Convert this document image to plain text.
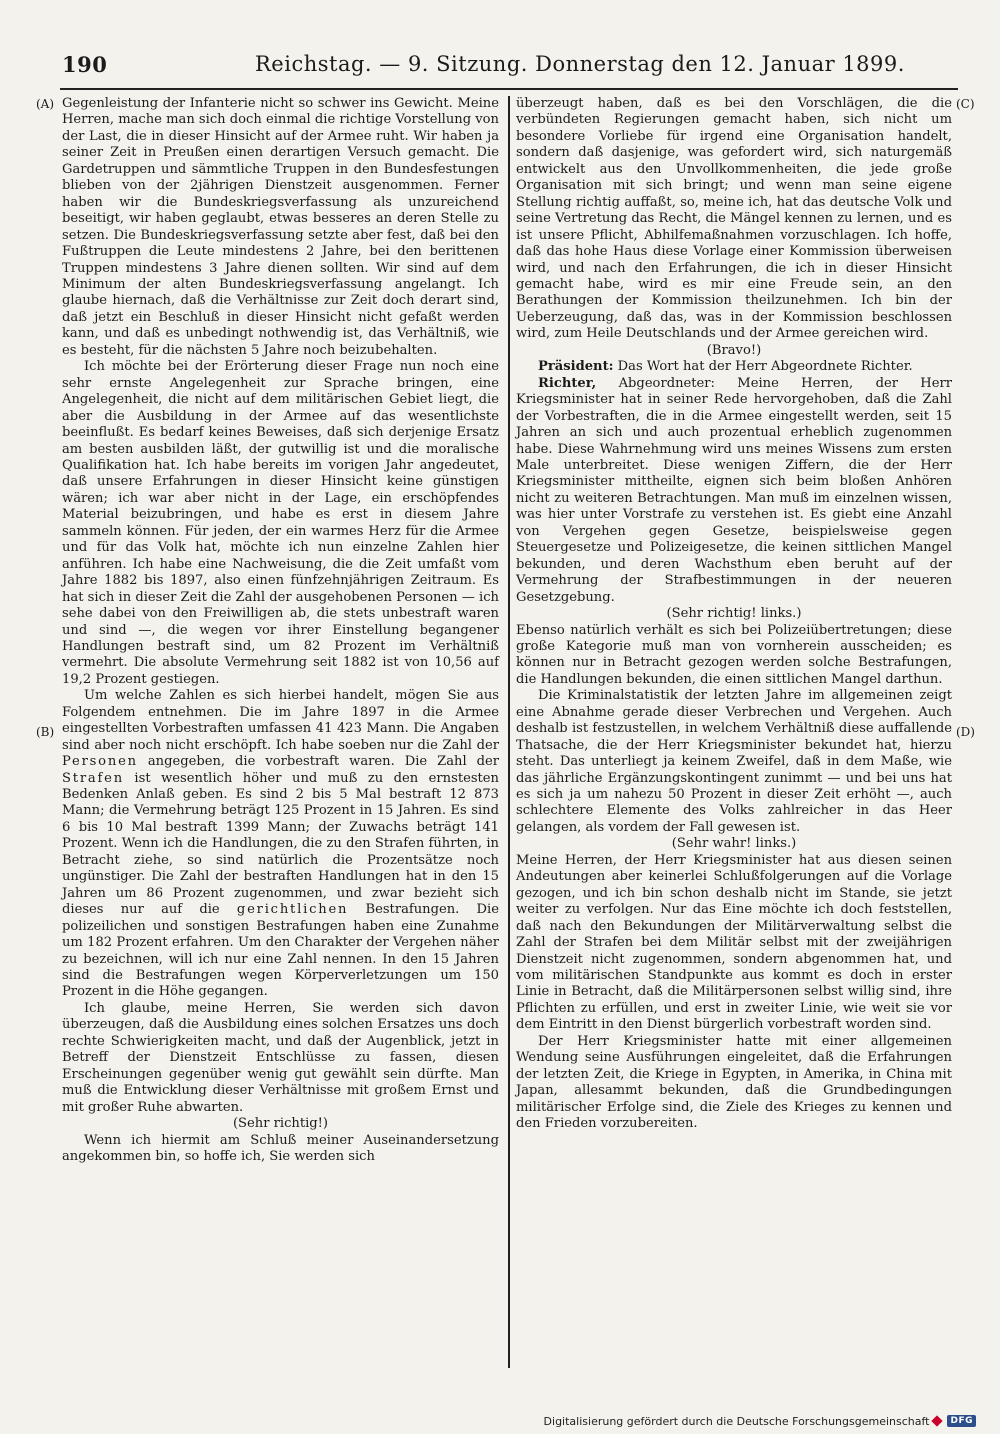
190	Reichstag. — 9. Sitzung. Donnerstag den 12. Januar 1899.
(A)
(B)
(C)
(D)

Gegenleistung der Infanterie nicht so schwer ins Gewicht. Meine Herren, mache man sich doch einmal die richtige Vorstellung von der Last, die in dieser Hinsicht auf der Armee ruht. Wir haben ja seiner Zeit in Preußen einen derartigen Versuch gemacht. Die Gardetruppen und sämmtliche Truppen in den Bundesfestungen blieben von der 2jährigen Dienstzeit ausgenommen. Ferner haben wir die Bundeskriegsverfassung als unzureichend beseitigt, wir haben geglaubt, etwas besseres an deren Stelle zu setzen. Die Bundeskriegsverfassung setzte aber fest, daß bei den Fußtruppen die Leute mindestens 2 Jahre, bei den berittenen Truppen mindestens 3 Jahre dienen sollten. Wir sind auf dem Minimum der alten Bundeskriegsverfassung angelangt. Ich glaube hiernach, daß die Verhältnisse zur Zeit doch derart sind, daß jetzt ein Beschluß in dieser Hinsicht nicht gefaßt werden kann, und daß es unbedingt nothwendig ist, das Verhältniß, wie es besteht, für die nächsten 5 Jahre noch beizubehalten.

Ich möchte bei der Erörterung dieser Frage nun noch eine sehr ernste Angelegenheit zur Sprache bringen, eine Angelegenheit, die nicht auf dem militärischen Gebiet liegt, die aber die Ausbildung in der Armee auf das wesentlichste beeinflußt. Es bedarf keines Beweises, daß sich derjenige Ersatz am besten ausbilden läßt, der gutwillig ist und die moralische Qualifikation hat. Ich habe bereits im vorigen Jahr angedeutet, daß unsere Erfahrungen in dieser Hinsicht keine günstigen wären; ich war aber nicht in der Lage, ein erschöpfendes Material beizubringen, und habe es erst in diesem Jahre sammeln können. Für jeden, der ein warmes Herz für die Armee und für das Volk hat, möchte ich nun einzelne Zahlen hier anführen. Ich habe eine Nachweisung, die die Zeit umfaßt vom Jahre 1882 bis 1897, also einen fünfzehnjährigen Zeitraum. Es hat sich in dieser Zeit die Zahl der ausgehobenen Personen — ich sehe dabei von den Freiwilligen ab, die stets unbestraft waren und sind —, die wegen vor ihrer Einstellung begangener Handlungen bestraft sind, um 82 Prozent im Verhältniß vermehrt. Die absolute Vermehrung seit 1882 ist von 10,56 auf 19,2 Prozent gestiegen.

Um welche Zahlen es sich hierbei handelt, mögen Sie aus Folgendem entnehmen. Die im Jahre 1897 in die Armee eingestellten Vorbestraften umfassen 41 423 Mann. Die Angaben sind aber noch nicht erschöpft. Ich habe soeben nur die Zahl der Personen angegeben, die vorbestraft waren. Die Zahl der Strafen ist wesentlich höher und muß zu den ernstesten Bedenken Anlaß geben. Es sind 2 bis 5 Mal bestraft 12 873 Mann; die Vermehrung beträgt 125 Prozent in 15 Jahren. Es sind 6 bis 10 Mal bestraft 1399 Mann; der Zuwachs beträgt 141 Prozent. Wenn ich die Handlungen, die zu den Strafen führten, in Betracht ziehe, so sind natürlich die Prozentsätze noch ungünstiger. Die Zahl der bestraften Handlungen hat in den 15 Jahren um 86 Prozent zugenommen, und zwar bezieht sich dieses nur auf die gerichtlichen Bestrafungen. Die polizeilichen und sonstigen Bestrafungen haben eine Zunahme um 182 Prozent erfahren. Um den Charakter der Vergehen näher zu bezeichnen, will ich nur eine Zahl nennen. In den 15 Jahren sind die Bestrafungen wegen Körperverletzungen um 150 Prozent in die Höhe gegangen.

Ich glaube, meine Herren, Sie werden sich davon überzeugen, daß die Ausbildung eines solchen Ersatzes uns doch rechte Schwierigkeiten macht, und daß der Augenblick, jetzt in Betreff der Dienstzeit Entschlüsse zu fassen, diesen Erscheinungen gegenüber wenig gut gewählt sein dürfte. Man muß die Entwicklung dieser Verhältnisse mit großem Ernst und mit großer Ruhe abwarten.

(Sehr richtig!)

Wenn ich hiermit am Schluß meiner Auseinandersetzung angekommen bin, so hoffe ich, Sie werden sich

überzeugt haben, daß es bei den Vorschlägen, die die verbündeten Regierungen gemacht haben, sich nicht um besondere Vorliebe für irgend eine Organisation handelt, sondern daß dasjenige, was gefordert wird, sich naturgemäß entwickelt aus den Unvollkommenheiten, die jede große Organisation mit sich bringt; und wenn man seine eigene Stellung richtig auffaßt, so, meine ich, hat das deutsche Volk und seine Vertretung das Recht, die Mängel kennen zu lernen, und es ist unsere Pflicht, Abhilfemaßnahmen vorzuschlagen. Ich hoffe, daß das hohe Haus diese Vorlage einer Kommission überweisen wird, und nach den Erfahrungen, die ich in dieser Hinsicht gemacht habe, wird es mir eine Freude sein, an den Berathungen der Kommission theilzunehmen. Ich bin der Ueberzeugung, daß das, was in der Kommission beschlossen wird, zum Heile Deutschlands und der Armee gereichen wird.

(Bravo!)

Präsident: Das Wort hat der Herr Abgeordnete Richter.

Richter, Abgeordneter: Meine Herren, der Herr Kriegsminister hat in seiner Rede hervorgehoben, daß die Zahl der Vorbestraften, die in die Armee eingestellt werden, seit 15 Jahren an sich und auch prozentual erheblich zugenommen habe. Diese Wahrnehmung wird uns meines Wissens zum ersten Male unterbreitet. Diese wenigen Ziffern, die der Herr Kriegsminister mittheilte, eignen sich beim bloßen Anhören nicht zu weiteren Betrachtungen. Man muß im einzelnen wissen, was hier unter Vorstrafe zu verstehen ist. Es giebt eine Anzahl von Vergehen gegen Gesetze, beispielsweise gegen Steuergesetze und Polizeigesetze, die keinen sittlichen Mangel bekunden, und deren Wachsthum eben beruht auf der Vermehrung der Strafbestimmungen in der neueren Gesetzgebung.

(Sehr richtig! links.)

Ebenso natürlich verhält es sich bei Polizeiübertretungen; diese große Kategorie muß man von vornherein ausscheiden; es können nur in Betracht gezogen werden solche Bestrafungen, die Handlungen bekunden, die einen sittlichen Mangel darthun.

Die Kriminalstatistik der letzten Jahre im allgemeinen zeigt eine Abnahme gerade dieser Verbrechen und Vergehen. Auch deshalb ist festzustellen, in welchem Verhältniß diese auffallende Thatsache, die der Herr Kriegsminister bekundet hat, hierzu steht. Das unterliegt ja keinem Zweifel, daß in dem Maße, wie das jährliche Ergänzungskontingent zunimmt — und bei uns hat es sich ja um nahezu 50 Prozent in dieser Zeit erhöht —, auch schlechtere Elemente des Volks zahlreicher in das Heer gelangen, als vordem der Fall gewesen ist.

(Sehr wahr! links.)

Meine Herren, der Herr Kriegsminister hat aus diesen seinen Andeutungen aber keinerlei Schlußfolgerungen auf die Vorlage gezogen, und ich bin schon deshalb nicht im Stande, sie jetzt weiter zu verfolgen. Nur das Eine möchte ich doch feststellen, daß nach den Bekundungen der Militärverwaltung selbst die Zahl der Strafen bei dem Militär selbst mit der zweijährigen Dienstzeit nicht zugenommen, sondern abgenommen hat, und vom militärischen Standpunkte aus kommt es doch in erster Linie in Betracht, daß die Militärpersonen selbst willig sind, ihre Pflichten zu erfüllen, und erst in zweiter Linie, wie weit sie vor dem Eintritt in den Dienst bürgerlich vorbestraft worden sind.

Der Herr Kriegsminister hatte mit einer allgemeinen Wendung seine Ausführungen eingeleitet, daß die Erfahrungen der letzten Zeit, die Kriege in Egypten, in Amerika, in China mit Japan, allesammt bekunden, daß die Grundbedingungen militärischer Erfolge sind, die Ziele des Krieges zu kennen und den Frieden vorzubereiten.

Digitalisierung gefördert durch die Deutsche Forschungsgemeinschaft	DFG
